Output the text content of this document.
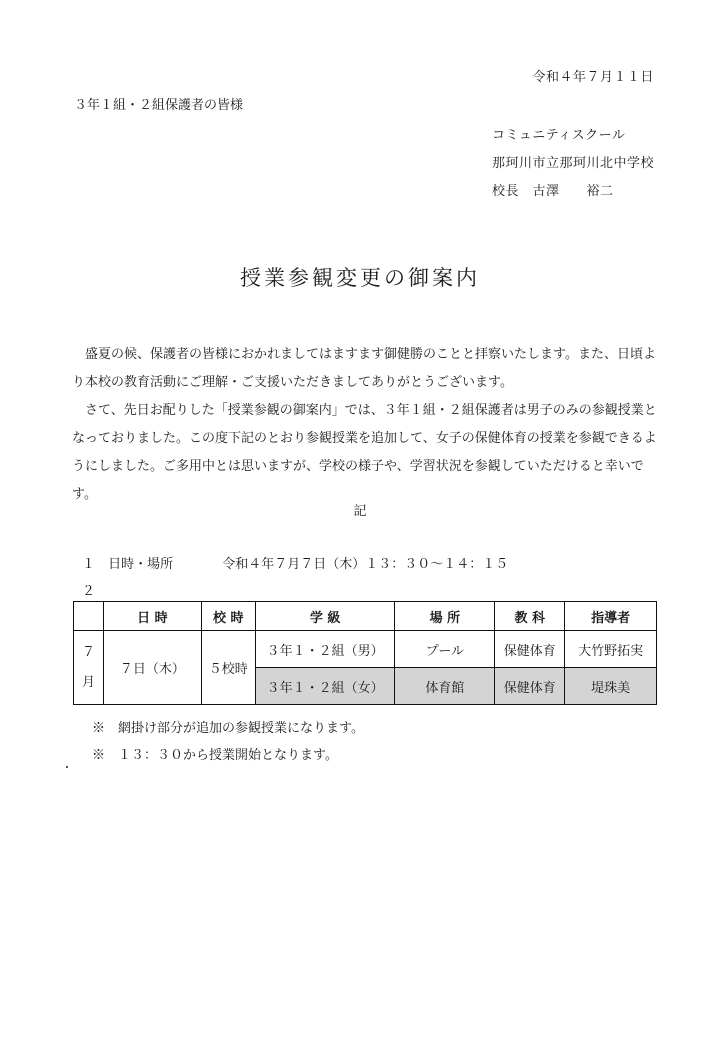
令和４年７月１１日
３年１組・２組保護者の皆様
コミュニティスクール
那珂川市立那珂川北中学校
校長　古澤　　裕二
授業参観変更の御案内

　盛夏の候、保護者の皆様におかれましてはますます御健勝のことと拝察いたします。また、日頃より本校の教育活動にご理解・ご支援いただきましてありがとうございます。

　さて、先日お配りした「授業参観の御案内」では、３年１組・２組保護者は男子のみの参観授業となっておりました。この度下記のとおり参観授業を追加して、女子の保健体育の授業を参観できるようにしました。ご多用中とは思いますが、学校の様子や、学習状況を参観していただけると幸いです。

記
１ 日時・場所	令和４年７月７日（木）１３：３０～１４：１５
２
	日 時	校 時	学 級	場 所	教 科	指導者

７
月	７日（木）	５校時	３年１・２組（男）	プール	保健体育	大竹野拓実
			３年１・２組（女）	体育館	保健体育	堤珠美
※　網掛け部分が追加の参観授業になります。
※　１３：３０から授業開始となります。
